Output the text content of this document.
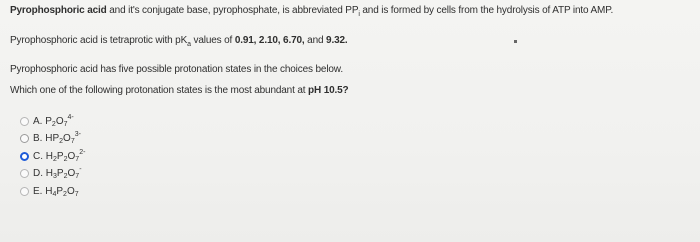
Pyrophosphoric acid and it's conjugate base, pyrophosphate, is abbreviated $PP_i$ and is formed by cells from the hydrolysis of ATP into AMP.
Pyrophosphoric acid is tetraprotic with $pK_a$ values of 0.91, 2.10, 6.70, and 9.32.
Pyrophosphoric acid has five possible protonation states in the choices below.
Which one of the following protonation states is the most abundant at pH 10.5?
A. $P_2O_7^{4-}$
B. $HP_2O_7^{3-}$
C. $H_2P_2O_7^{2-}$
D. $H_3P_2O_7^-$
E. $H_4P_2O_7$
